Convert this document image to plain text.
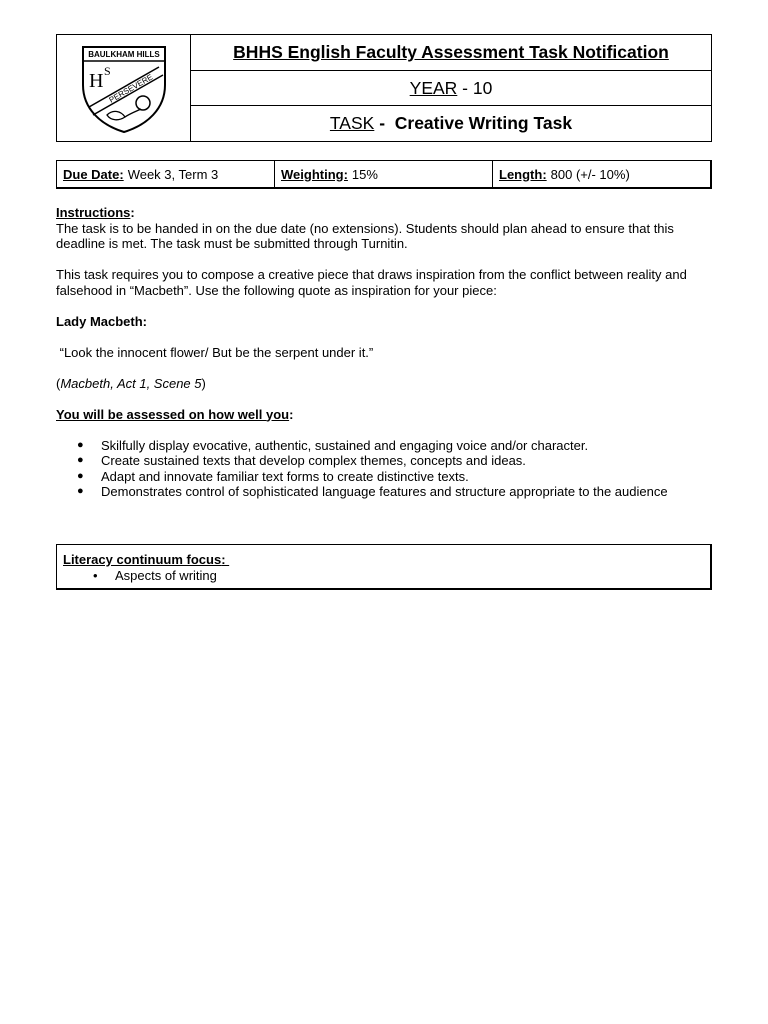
BAULKHAM HILLS
H S
PERSEVERE
BHHS English Faculty Assessment Task Notification
YEAR - 10
TASK -  Creative Writing Task
Due Date: Week 3, Term 3	Weighting: 15%	Length: 800 (+/- 10%)

Instructions:

The task is to be handed in on the due date (no extensions). Students should plan ahead to ensure that this deadline is met. The task must be submitted through Turnitin.

This task requires you to compose a creative piece that draws inspiration from the conflict between reality and falsehood in “Macbeth”. Use the following quote as inspiration for your piece:

Lady Macbeth:

“Look the innocent flower/ But be the serpent under it.”

(Macbeth, Act 1, Scene 5)

You will be assessed on how well you:

● Skilfully display evocative, authentic, sustained and engaging voice and/or character.
● Create sustained texts that develop complex themes, concepts and ideas.
● Adapt and innovate familiar text forms to create distinctive texts.
● Demonstrates control of sophisticated language features and structure appropriate to the audience
Literacy continuum focus:
• Aspects of writing
